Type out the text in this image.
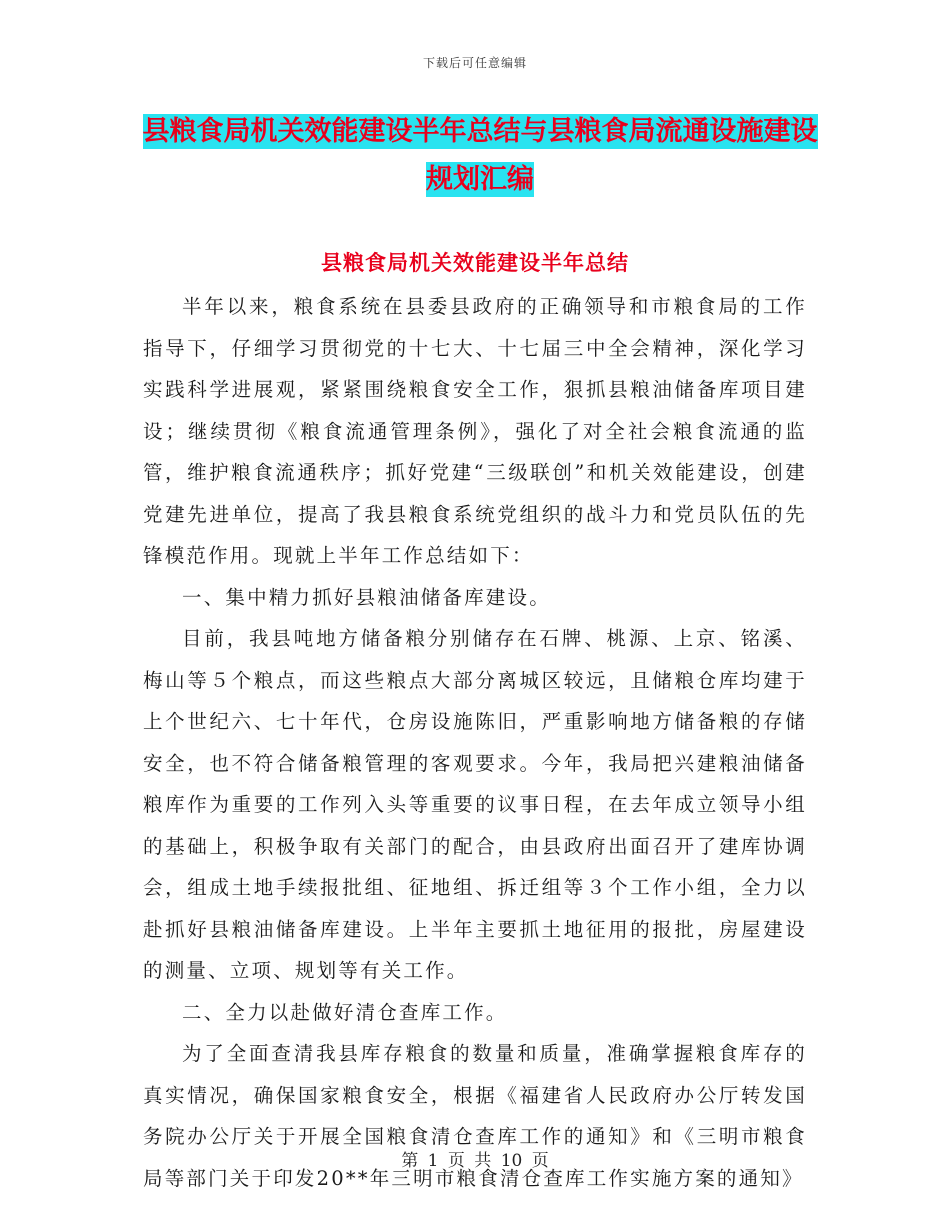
下载后可任意编辑
县粮食局机关效能建设半年总结与县粮食局流通设施建设规划汇编
县粮食局机关效能建设半年总结

半年以来，粮食系统在县委县政府的正确领导和市粮食局的工作指导下，仔细学习贯彻党的十七大、十七届三中全会精神，深化学习实践科学进展观，紧紧围绕粮食安全工作，狠抓县粮油储备库项目建设；继续贯彻《粮食流通管理条例》，强化了对全社会粮食流通的监管，维护粮食流通秩序；抓好党建“三级联创”和机关效能建设，创建党建先进单位，提高了我县粮食系统党组织的战斗力和党员队伍的先锋模范作用。现就上半年工作总结如下：

一、集中精力抓好县粮油储备库建设。

目前，我县吨地方储备粮分别储存在石牌、桃源、上京、铭溪、梅山等５个粮点，而这些粮点大部分离城区较远，且储粮仓库均建于上个世纪六、七十年代，仓房设施陈旧，严重影响地方储备粮的存储安全，也不符合储备粮管理的客观要求。今年，我局把兴建粮油储备粮库作为重要的工作列入头等重要的议事日程，在去年成立领导小组的基础上，积极争取有关部门的配合，由县政府出面召开了建库协调会，组成土地手续报批组、征地组、拆迁组等３个工作小组，全力以赴抓好县粮油储备库建设。上半年主要抓土地征用的报批，房屋建设的测量、立项、规划等有关工作。

二、全力以赴做好清仓查库工作。

为了全面查清我县库存粮食的数量和质量，准确掌握粮食库存的真实情况，确保国家粮食安全，根据《福建省人民政府办公厅转发国务院办公厅关于开展全国粮食清仓查库工作的通知》和《三明市粮食局等部门关于印发20**年三明市粮食清仓查库工作实施方案的通知》

第 1 页 共 10 页
